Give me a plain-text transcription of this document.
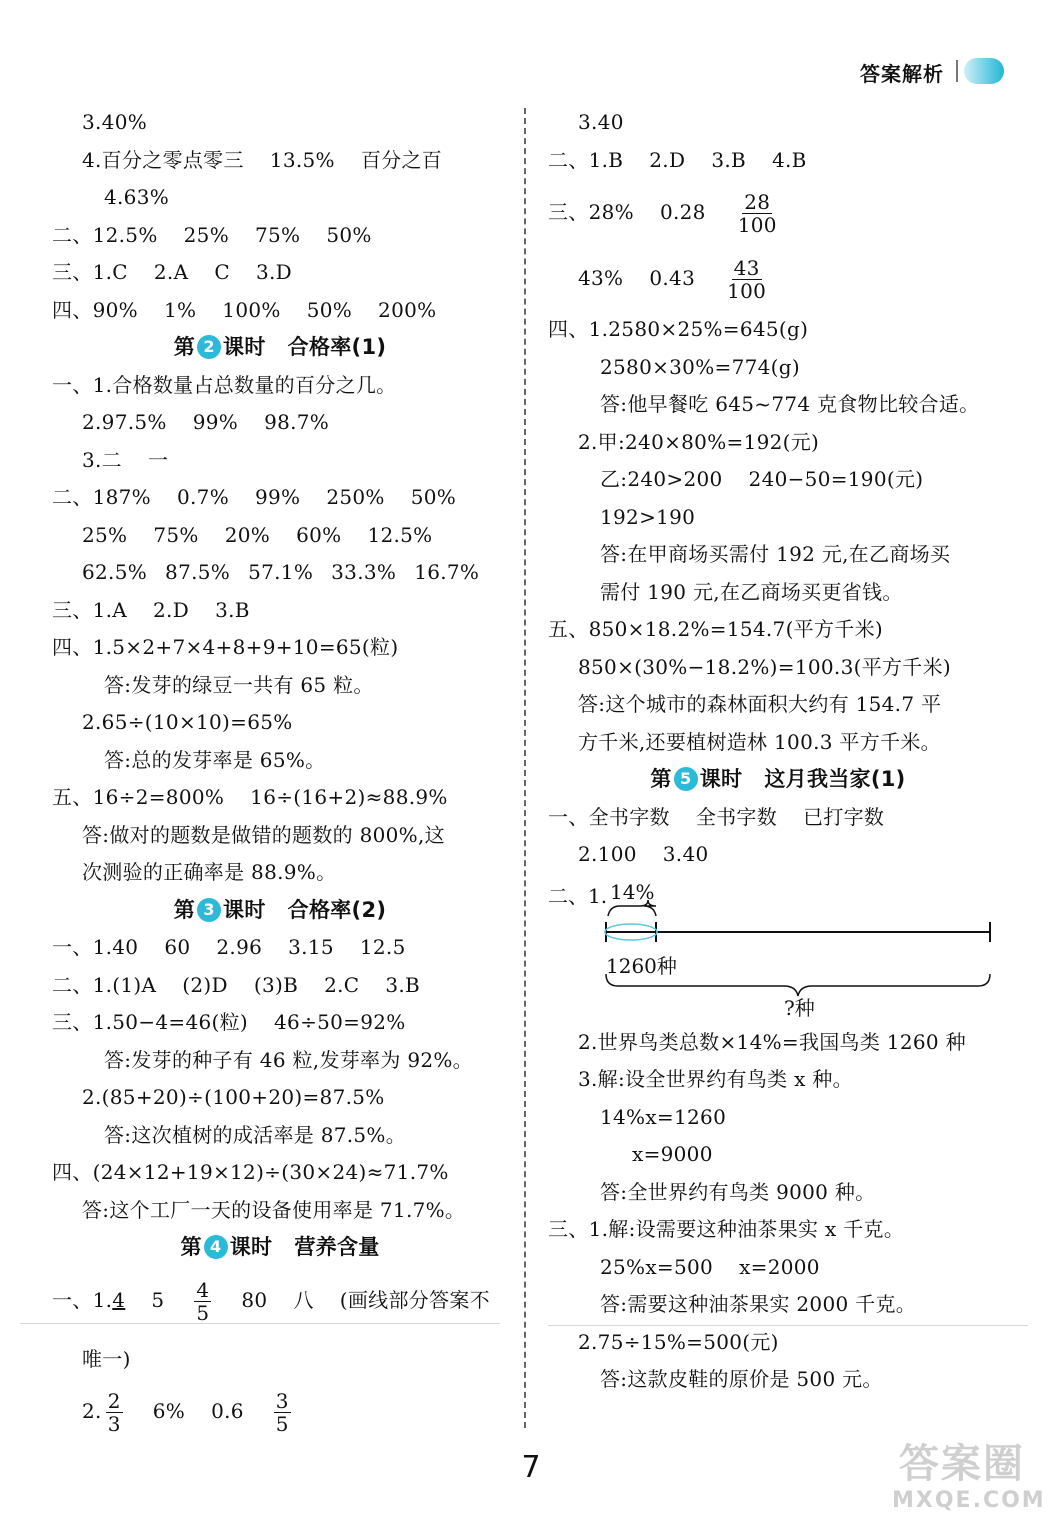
答案解析
3.40%
4.百分之零点零三 13.5% 百分之百
4.63%
二、12.5% 25% 75% 50%
三、1.C 2.A C 3.D
四、90% 1% 100% 50% 200%
第 2 课时 合格率(1)
一、1.合格数量占总数量的百分之几。
2.97.5% 99% 98.7%
3.二 一
二、187% 0.7% 99% 250% 50%
25% 75% 20% 60% 12.5%
62.5% 87.5% 57.1% 33.3% 16.7%
三、1.A 2.D 3.B
四、1.5×2+7×4+8+9+10=65(粒)
答:发芽的绿豆一共有 65 粒。
2.65÷(10×10)=65%
答:总的发芽率是 65%。
五、16÷2=800% 16÷(16+2)≈88.9%
答:做对的题数是做错的题数的 800%,这
次测验的正确率是 88.9%。
第 3 课时 合格率(2)
一、1.40 60 2.96 3.15 12.5
二、1.(1)A (2)D (3)B 2.C 3.B
三、1.50−4=46(粒) 46÷50=92%
答:发芽的种子有 46 粒,发芽率为 92%。
2.(85+20)÷(100+20)=87.5%
答:这次植树的成活率是 87.5%。
四、(24×12+19×12)÷(30×24)≈71.7%
答:这个工厂一天的设备使用率是 71.7%。
第 4 课时 营养含量
一、1.4 $5 \frac{4}{5} 80$ 八 (画线部分答案不
唯一)
2. $\frac{2}{3} 6\%$ $0.6 \frac{3}{5}$
3.40
二、1.B 2.D 3.B 4.B
三、28% $0.28 \frac{28}{100}$
43% $0.43 \frac{43}{100}$
四、1.2580×25%=645(g)
2580×30%=774(g)
答:他早餐吃 645~774 克食物比较合适。
2.甲:240×80%=192(元)
乙:240>200 240−50=190(元)
192>190
答:在甲商场买需付 192 元,在乙商场买
需付 190 元,在乙商场买更省钱。
五、850×18.2%=154.7(平方千米)
850×(30%−18.2%)=100.3(平方千米)
答:这个城市的森林面积大约有 154.7 平
方千米,还要植树造林 100.3 平方千米。
第 5 课时 这月我当家(1)
一、全书字数 全书字数 已打字数
2.100 3.40
二、1. 14%
1260种
?种
2.世界鸟类总数×14%=我国鸟类 1260 种
3.解:设全世界约有鸟类 x 种。
14%x=1260
x=9000
答:全世界约有鸟类 9000 种。
三、1.解:设需要这种油茶果实 x 千克。
25%x=500 x=2000
答:需要这种油茶果实 2000 千克。
2.75÷15%=500(元)
答:这款皮鞋的原价是 500 元。
7	答案圈
MXQE.COM
